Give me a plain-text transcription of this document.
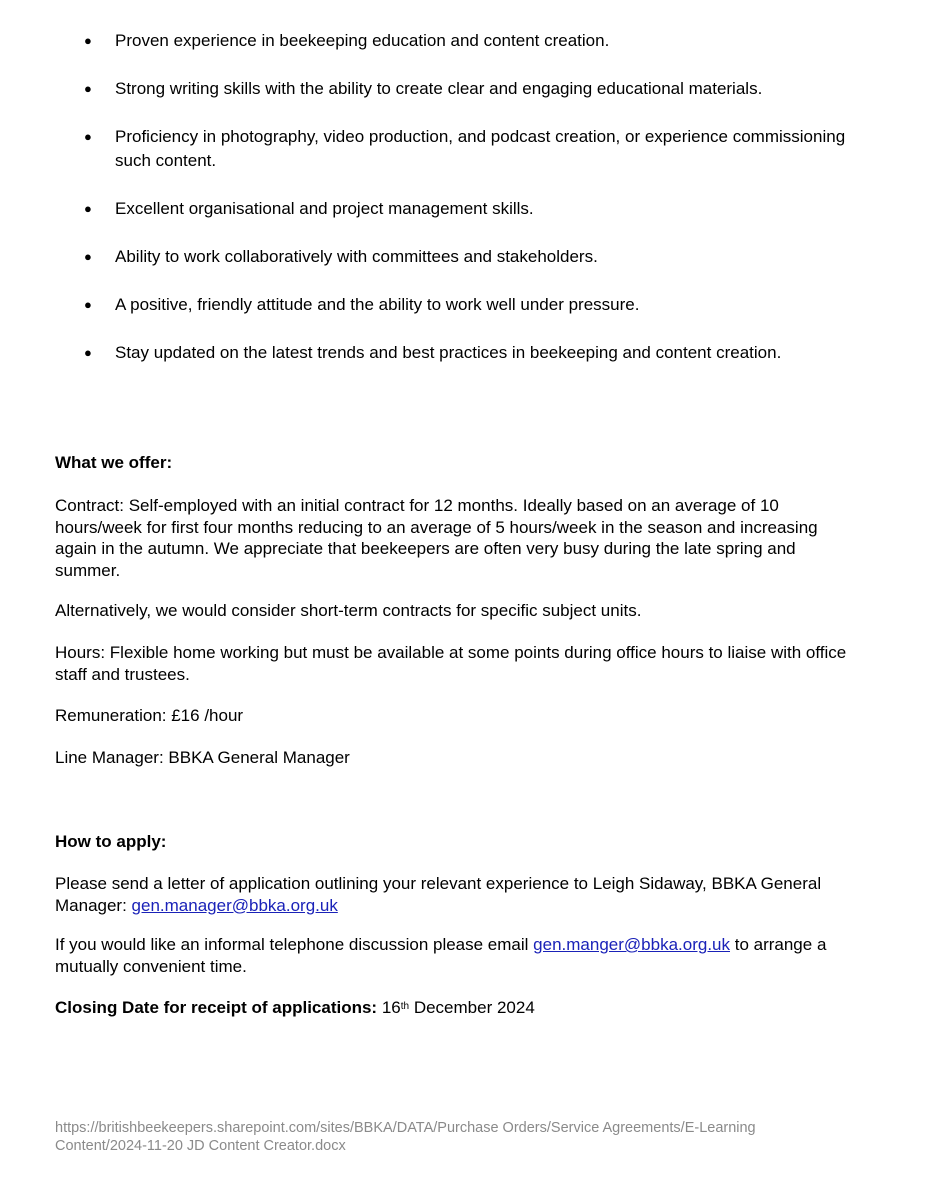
● Proven experience in beekeeping education and content creation.
● Strong writing skills with the ability to create clear and engaging educational materials.
● Proficiency in photography, video production, and podcast creation, or experience commissioning such content.
● Excellent organisational and project management skills.
● Ability to work collaboratively with committees and stakeholders.
● A positive, friendly attitude and the ability to work well under pressure.
● Stay updated on the latest trends and best practices in beekeeping and content creation.
What we offer:

Contract: Self-employed with an initial contract for 12 months. Ideally based on an average of 10 hours/week for first four months reducing to an average of 5 hours/week in the season and increasing again in the autumn. We appreciate that beekeepers are often very busy during the late spring and summer.

Alternatively, we would consider short-term contracts for specific subject units.

Hours: Flexible home working but must be available at some points during office hours to liaise with office staff and trustees.

Remuneration: £16 /hour

Line Manager: BBKA General Manager

How to apply:

Please send a letter of application outlining your relevant experience to Leigh Sidaway, BBKA General Manager: gen.manager@bbka.org.uk

If you would like an informal telephone discussion please email gen.manger@bbka.org.uk to arrange a mutually convenient time.

Closing Date for receipt of applications: 16th December 2024

https://britishbeekeepers.sharepoint.com/sites/BBKA/DATA/Purchase Orders/Service Agreements/E-Learning Content/2024-11-20 JD Content Creator.docx
